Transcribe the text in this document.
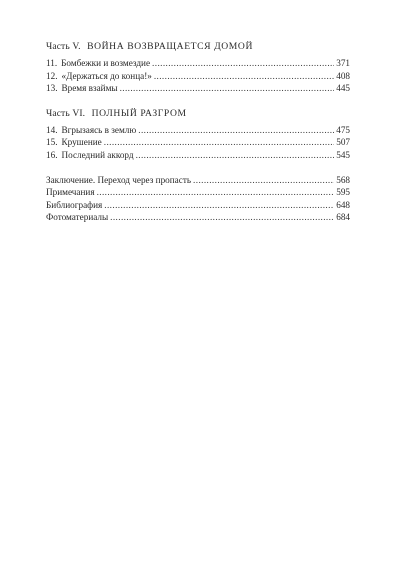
Часть V. ВОЙНА ВОЗВРАЩАЕТСЯ ДОМОЙ
11. Бомбежки и возмездие .....	371
12. «Держаться до конца!» .....	408
13. Время взаймы .....	445
Часть VI. ПОЛНЫЙ РАЗГРОМ
14. Вгрызаясь в землю .....	475
15. Крушение .....	507
16. Последний аккорд .....	545
Заключение. Переход через пропасть .....	568
Примечания .....	595
Библиография .....	648
Фотоматериалы .....	684
